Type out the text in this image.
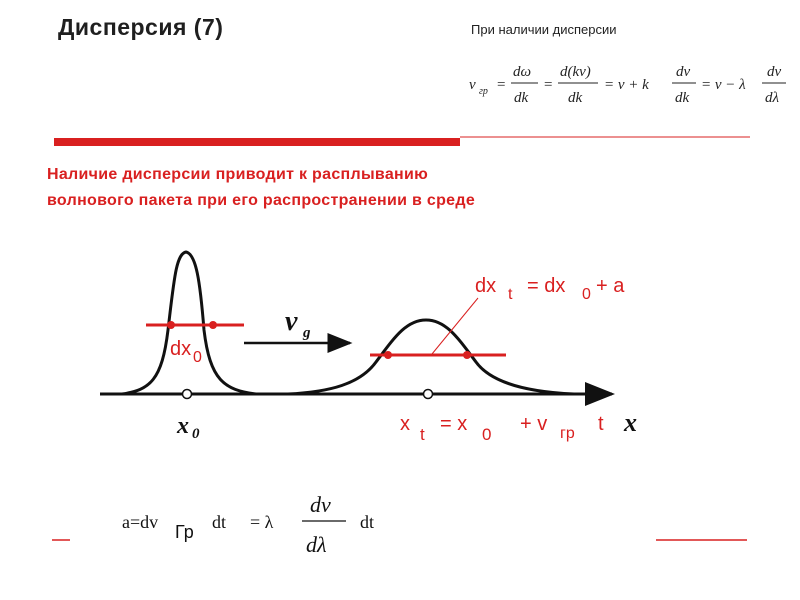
Дисперсия (7)	При наличии дисперсии
Наличие дисперсии приводит к расплыванию
волнового пакета при его распространении в среде
v гр =
dω
dk
=
d(kv)
dk
= v + k
dv
dk
= v − λ
dv
dλ
dx 0
v g
dx t = dx 0 + a
x 0	x
x t = x 0 + v гр t
a=dv Гр dt = λ
dv
dλ
dt
